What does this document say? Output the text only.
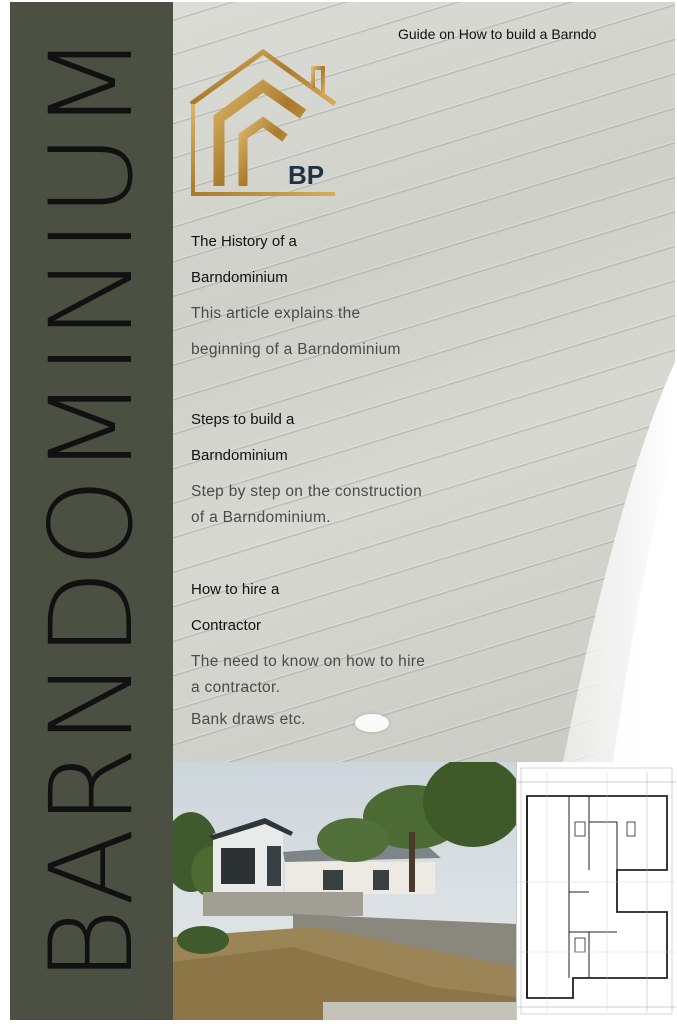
BARNDOMINIUM	Guide on How to build a Barndo
BP
The History of a
Barndominium
This article explains the
beginning of a Barndominium
Steps to build a
Barndominium
Step by step on the construction
of a Barndominium.
How to hire a
Contractor
The need to know on how to hire
a contractor.
Bank draws etc.
